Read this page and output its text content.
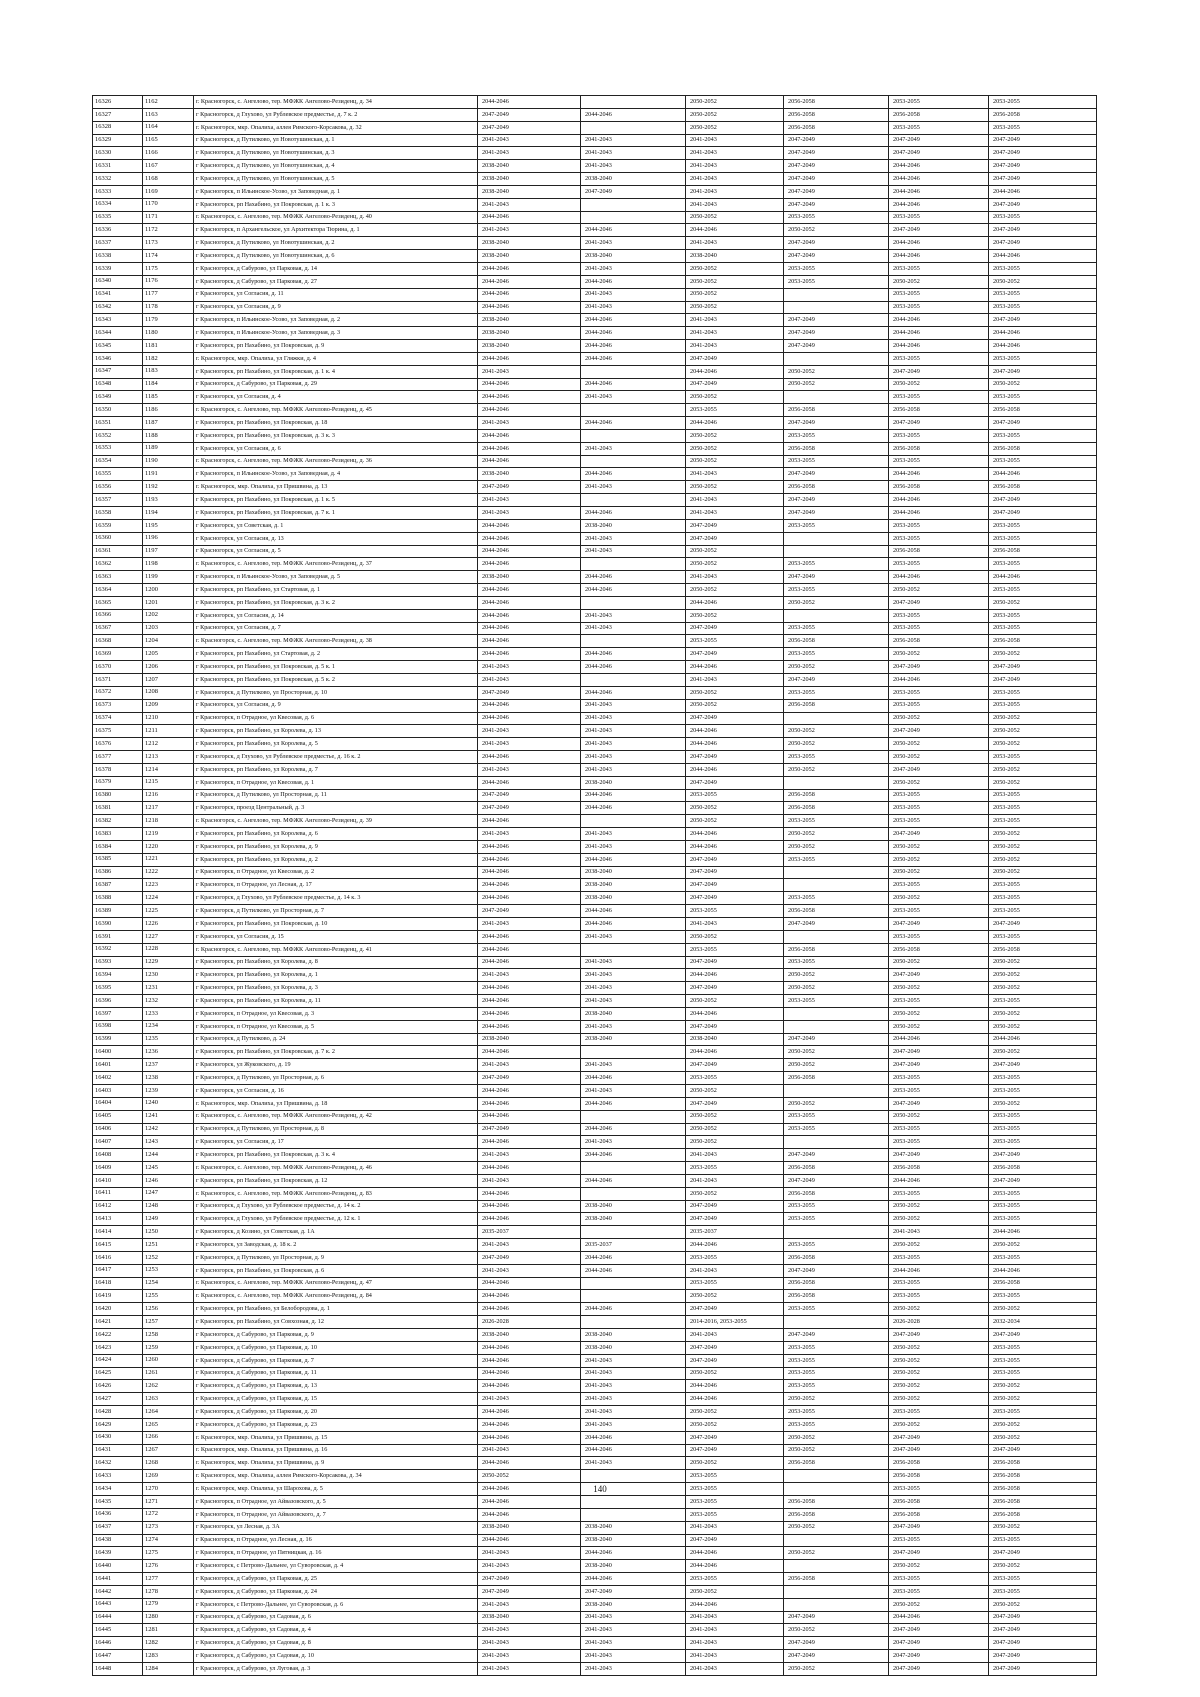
16326	1162	г. Красногорск, с. Ангелово, тер. МФЖК Ангелово-Резиденц, д. 34	2044-2046		2050-2052	2056-2058	2053-2055	2053-2055
16327	1163	г Красногорск, д Глухово, ул Рублевское предместье, д. 7 к. 2	2047-2049	2044-2046	2050-2052	2056-2058	2056-2058	2056-2058
16328	1164	г. Красногорск, мкр. Опалиха, аллея Римского-Корсакова, д. 32	2047-2049		2050-2052	2056-2058	2053-2055	2053-2055
16329	1165	г Красногорск, д Путилково, ул Новотушинская, д. 1	2041-2043	2041-2043	2041-2043	2047-2049	2047-2049	2047-2049
16330	1166	г Красногорск, д Путилково, ул Новотушинская, д. 3	2041-2043	2041-2043	2041-2043	2047-2049	2047-2049	2047-2049
16331	1167	г Красногорск, д Путилково, ул Новотушинская, д. 4	2038-2040	2041-2043	2041-2043	2047-2049	2044-2046	2047-2049
16332	1168	г Красногорск, д Путилково, ул Новотушинская, д. 5	2038-2040	2038-2040	2041-2043	2047-2049	2044-2046	2047-2049
16333	1169	г Красногорск, п Ильинское-Усово, ул Заповедная, д. 1	2038-2040	2047-2049	2041-2043	2047-2049	2044-2046	2044-2046
16334	1170	г Красногорск, рп Нахабино, ул Покровская, д. 1 к. 3	2041-2043		2041-2043	2047-2049	2044-2046	2047-2049
16335	1171	г. Красногорск, с. Ангелово, тер. МФЖК Ангелово-Резиденц, д. 40	2044-2046		2050-2052	2053-2055	2053-2055	2053-2055
16336	1172	г Красногорск, п Архангельское, ул Архитектора Тюрина, д. 1	2041-2043	2044-2046	2044-2046	2050-2052	2047-2049	2047-2049
16337	1173	г Красногорск, д Путилково, ул Новотушинская, д. 2	2038-2040	2041-2043	2041-2043	2047-2049	2044-2046	2047-2049
16338	1174	г Красногорск, д Путилково, ул Новотушинская, д. 6	2038-2040	2038-2040	2038-2040	2047-2049	2044-2046	2044-2046
16339	1175	г Красногорск, д Сабурово, ул Парковая, д. 14	2044-2046	2041-2043	2050-2052	2053-2055	2053-2055	2053-2055
16340	1176	г Красногорск, д Сабурово, ул Парковая, д. 27	2044-2046	2044-2046	2050-2052	2053-2055	2050-2052	2050-2052
16341	1177	г Красногорск, ул Согласия, д. 11	2044-2046	2041-2043	2050-2052		2053-2055	2053-2055
16342	1178	г Красногорск, ул Согласия, д. 9	2044-2046	2041-2043	2050-2052		2053-2055	2053-2055
16343	1179	г Красногорск, п Ильинское-Усово, ул Заповедная, д. 2	2038-2040	2044-2046	2041-2043	2047-2049	2044-2046	2047-2049
16344	1180	г Красногорск, п Ильинское-Усово, ул Заповедная, д. 3	2038-2040	2044-2046	2041-2043	2047-2049	2044-2046	2044-2046
16345	1181	г Красногорск, рп Нахабино, ул Покровская, д. 9	2038-2040	2044-2046	2041-2043	2047-2049	2044-2046	2044-2046
16346	1182	г. Красногорск, мкр. Опалиха, ул Гляжки, д. 4	2044-2046	2044-2046	2047-2049		2053-2055	2053-2055
16347	1183	г Красногорск, рп Нахабино, ул Покровская, д. 1 к. 4	2041-2043		2044-2046	2050-2052	2047-2049	2047-2049
16348	1184	г Красногорск, д Сабурово, ул Парковая, д. 29	2044-2046	2044-2046	2047-2049	2050-2052	2050-2052	2050-2052
16349	1185	г Красногорск, ул Согласия, д. 4	2044-2046	2041-2043	2050-2052		2053-2055	2053-2055
16350	1186	г. Красногорск, с. Ангелово, тер. МФЖК Ангелово-Резиденц, д. 45	2044-2046		2053-2055	2056-2058	2056-2058	2056-2058
16351	1187	г Красногорск, рп Нахабино, ул Покровская, д. 18	2041-2043	2044-2046	2044-2046	2047-2049	2047-2049	2047-2049
16352	1188	г Красногорск, рп Нахабино, ул Покровская, д. 3 к. 3	2044-2046		2050-2052	2053-2055	2053-2055	2053-2055
16353	1189	г Красногорск, ул Согласия, д. 6	2044-2046	2041-2043	2050-2052	2056-2058	2056-2058	2056-2058
16354	1190	г. Красногорск, с. Ангелово, тер. МФЖК Ангелово-Резиденц, д. 36	2044-2046		2050-2052	2053-2055	2053-2055	2053-2055
16355	1191	г Красногорск, п Ильинское-Усово, ул Заповедная, д. 4	2038-2040	2044-2046	2041-2043	2047-2049	2044-2046	2044-2046
16356	1192	г. Красногорск, мкр. Опалиха, ул Пришвина, д. 13	2047-2049	2041-2043	2050-2052	2056-2058	2056-2058	2056-2058
16357	1193	г Красногорск, рп Нахабино, ул Покровская, д. 1 к. 5	2041-2043		2041-2043	2047-2049	2044-2046	2047-2049
16358	1194	г Красногорск, рп Нахабино, ул Покровская, д. 7 к. 1	2041-2043	2044-2046	2041-2043	2047-2049	2044-2046	2047-2049
16359	1195	г Красногорск, ул Советская, д. 1	2044-2046	2038-2040	2047-2049	2053-2055	2053-2055	2053-2055
16360	1196	г Красногорск, ул Согласия, д. 13	2044-2046	2041-2043	2047-2049		2053-2055	2053-2055
16361	1197	г Красногорск, ул Согласия, д. 5	2044-2046	2041-2043	2050-2052		2056-2058	2056-2058
16362	1198	г. Красногорск, с. Ангелово, тер. МФЖК Ангелово-Резиденц, д. 37	2044-2046		2050-2052	2053-2055	2053-2055	2053-2055
16363	1199	г Красногорск, п Ильинское-Усово, ул Заповедная, д. 5	2038-2040	2044-2046	2041-2043	2047-2049	2044-2046	2044-2046
16364	1200	г Красногорск, рп Нахабино, ул Стартовая, д. 1	2044-2046	2044-2046	2050-2052	2053-2055	2050-2052	2053-2055
16365	1201	г Красногорск, рп Нахабино, ул Покровская, д. 3 к. 2	2044-2046		2044-2046	2050-2052	2047-2049	2050-2052
16366	1202	г Красногорск, ул Согласия, д. 14	2044-2046	2041-2043	2050-2052		2053-2055	2053-2055
16367	1203	г Красногорск, ул Согласия, д. 7	2044-2046	2041-2043	2047-2049	2053-2055	2053-2055	2053-2055
16368	1204	г. Красногорск, с. Ангелово, тер. МФЖК Ангелово-Резиденц, д. 38	2044-2046		2053-2055	2056-2058	2056-2058	2056-2058
16369	1205	г Красногорск, рп Нахабино, ул Стартовая, д. 2	2044-2046	2044-2046	2047-2049	2053-2055	2050-2052	2050-2052
16370	1206	г Красногорск, рп Нахабино, ул Покровская, д. 5 к. 1	2041-2043	2044-2046	2044-2046	2050-2052	2047-2049	2047-2049
16371	1207	г Красногорск, рп Нахабино, ул Покровская, д. 5 к. 2	2041-2043		2041-2043	2047-2049	2044-2046	2047-2049
16372	1208	г Красногорск, д Путилково, ул Просторная, д. 10	2047-2049	2044-2046	2050-2052	2053-2055	2053-2055	2053-2055
16373	1209	г Красногорск, ул Согласия, д. 9	2044-2046	2041-2043	2050-2052	2056-2058	2053-2055	2053-2055
16374	1210	г Красногорск, п Отрадное, ул Квесовая, д. 6	2044-2046	2041-2043	2047-2049		2050-2052	2050-2052
16375	1211	г Красногорск, рп Нахабино, ул Королева, д. 13	2041-2043	2041-2043	2044-2046	2050-2052	2047-2049	2050-2052
16376	1212	г Красногорск, рп Нахабино, ул Королева, д. 5	2041-2043	2041-2043	2044-2046	2050-2052	2050-2052	2050-2052
16377	1213	г Красногорск, д Глухово, ул Рублевское предместье, д. 16 к. 2	2044-2046	2041-2043	2047-2049	2053-2055	2050-2052	2053-2055
16378	1214	г Красногорск, рп Нахабино, ул Королева, д. 7	2041-2043	2041-2043	2044-2046	2050-2052	2047-2049	2050-2052
16379	1215	г Красногорск, п Отрадное, ул Квесовая, д. 1	2044-2046	2038-2040	2047-2049		2050-2052	2050-2052
16380	1216	г Красногорск, д Путилково, ул Просторная, д. 11	2047-2049	2044-2046	2053-2055	2056-2058	2053-2055	2053-2055
16381	1217	г Красногорск, проезд Центральный, д. 3	2047-2049	2044-2046	2050-2052	2056-2058	2053-2055	2053-2055
16382	1218	г. Красногорск, с. Ангелово, тер. МФЖК Ангелово-Резиденц, д. 39	2044-2046		2050-2052	2053-2055	2053-2055	2053-2055
16383	1219	г Красногорск, рп Нахабино, ул Королева, д. 6	2041-2043	2041-2043	2044-2046	2050-2052	2047-2049	2050-2052
16384	1220	г Красногорск, рп Нахабино, ул Королева, д. 9	2044-2046	2041-2043	2044-2046	2050-2052	2050-2052	2050-2052
16385	1221	г Красногорск, рп Нахабино, ул Королева, д. 2	2044-2046	2044-2046	2047-2049	2053-2055	2050-2052	2050-2052
16386	1222	г Красногорск, п Отрадное, ул Квесовая, д. 2	2044-2046	2038-2040	2047-2049		2050-2052	2050-2052
16387	1223	г Красногорск, п Отрадное, ул Лесная, д. 17	2044-2046	2038-2040	2047-2049		2053-2055	2053-2055
16388	1224	г Красногорск, д Глухово, ул Рублевское предместье, д. 14 к. 3	2044-2046	2038-2040	2047-2049	2053-2055	2050-2052	2053-2055
16389	1225	г Красногорск, д Путилково, ул Просторная, д. 7	2047-2049	2044-2046	2053-2055	2056-2058	2053-2055	2053-2055
16390	1226	г Красногорск, рп Нахабино, ул Покровская, д. 10	2041-2043	2044-2046	2041-2043	2047-2049	2047-2049	2047-2049
16391	1227	г Красногорск, ул Согласия, д. 15	2044-2046	2041-2043	2050-2052		2053-2055	2053-2055
16392	1228	г. Красногорск, с. Ангелово, тер. МФЖК Ангелово-Резиденц, д. 41	2044-2046		2053-2055	2056-2058	2056-2058	2056-2058
16393	1229	г Красногорск, рп Нахабино, ул Королева, д. 8	2044-2046	2041-2043	2047-2049	2053-2055	2050-2052	2050-2052
16394	1230	г Красногорск, рп Нахабино, ул Королева, д. 1	2041-2043	2041-2043	2044-2046	2050-2052	2047-2049	2050-2052
16395	1231	г Красногорск, рп Нахабино, ул Королева, д. 3	2044-2046	2041-2043	2047-2049	2050-2052	2050-2052	2050-2052
16396	1232	г Красногорск, рп Нахабино, ул Королева, д. 11	2044-2046	2041-2043	2050-2052	2053-2055	2053-2055	2053-2055
16397	1233	г Красногорск, п Отрадное, ул Квесовая, д. 3	2044-2046	2038-2040	2044-2046		2050-2052	2050-2052
16398	1234	г Красногорск, п Отрадное, ул Квесовая, д. 5	2044-2046	2041-2043	2047-2049		2050-2052	2050-2052
16399	1235	г Красногорск, д Путилково, д. 24	2038-2040	2038-2040	2038-2040	2047-2049	2044-2046	2044-2046
16400	1236	г Красногорск, рп Нахабино, ул Покровская, д. 7 к. 2	2044-2046		2044-2046	2050-2052	2047-2049	2050-2052
16401	1237	г Красногорск, ул Жуковского, д. 19	2041-2043	2041-2043	2047-2049	2050-2052	2047-2049	2047-2049
16402	1238	г Красногорск, д Путилково, ул Просторная, д. 6	2047-2049	2044-2046	2053-2055	2056-2058	2053-2055	2053-2055
16403	1239	г Красногорск, ул Согласия, д. 16	2044-2046	2041-2043	2050-2052		2053-2055	2053-2055
16404	1240	г. Красногорск, мкр. Опалиха, ул Пришвина, д. 18	2044-2046	2044-2046	2047-2049	2050-2052	2047-2049	2050-2052
16405	1241	г. Красногорск, с. Ангелово, тер. МФЖК Ангелово-Резиденц, д. 42	2044-2046		2050-2052	2053-2055	2050-2052	2053-2055
16406	1242	г Красногорск, д Путилково, ул Просторная, д. 8	2047-2049	2044-2046	2050-2052	2053-2055	2053-2055	2053-2055
16407	1243	г Красногорск, ул Согласия, д. 17	2044-2046	2041-2043	2050-2052		2053-2055	2053-2055
16408	1244	г Красногорск, рп Нахабино, ул Покровская, д. 3 к. 4	2041-2043	2044-2046	2041-2043	2047-2049	2047-2049	2047-2049
16409	1245	г. Красногорск, с. Ангелово, тер. МФЖК Ангелово-Резиденц, д. 46	2044-2046		2053-2055	2056-2058	2056-2058	2056-2058
16410	1246	г Красногорск, рп Нахабино, ул Покровская, д. 12	2041-2043	2044-2046	2041-2043	2047-2049	2044-2046	2047-2049
16411	1247	г. Красногорск, с. Ангелово, тер. МФЖК Ангелово-Резиденц, д. 83	2044-2046		2050-2052	2056-2058	2053-2055	2053-2055
16412	1248	г Красногорск, д Глухово, ул Рублевское предместье, д. 14 к. 2	2044-2046	2038-2040	2047-2049	2053-2055	2050-2052	2053-2055
16413	1249	г Красногорск, д Глухово, ул Рублевское предместье, д. 12 к. 1	2044-2046	2038-2040	2047-2049	2053-2055	2050-2052	2053-2055
16414	1250	г Красногорск, д Козино, ул Советская, д. 1А	2035-2037		2035-2037		2041-2043	2044-2046
16415	1251	г Красногорск, ул Заводская, д. 18 к. 2	2041-2043	2035-2037	2044-2046	2053-2055	2050-2052	2050-2052
16416	1252	г Красногорск, д Путилково, ул Просторная, д. 9	2047-2049	2044-2046	2053-2055	2056-2058	2053-2055	2053-2055
16417	1253	г Красногорск, рп Нахабино, ул Покровская, д. 6	2041-2043	2044-2046	2041-2043	2047-2049	2044-2046	2044-2046
16418	1254	г. Красногорск, с. Ангелово, тер. МФЖК Ангелово-Резиденц, д. 47	2044-2046		2053-2055	2056-2058	2053-2055	2056-2058
16419	1255	г. Красногорск, с. Ангелово, тер. МФЖК Ангелово-Резиденц, д. 84	2044-2046		2050-2052	2056-2058	2053-2055	2053-2055
16420	1256	г Красногорск, рп Нахабино, ул Белобородова, д. 1	2044-2046	2044-2046	2047-2049	2053-2055	2050-2052	2050-2052
16421	1257	г Красногорск, рп Нахабино, ул Совхозная, д. 12	2026-2028		2014-2016, 2053-2055		2026-2028	2032-2034
16422	1258	г Красногорск, д Сабурово, ул Парковая, д. 9	2038-2040	2038-2040	2041-2043	2047-2049	2047-2049	2047-2049
16423	1259	г Красногорск, д Сабурово, ул Парковая, д. 10	2044-2046	2038-2040	2047-2049	2053-2055	2050-2052	2053-2055
16424	1260	г Красногорск, д Сабурово, ул Парковая, д. 7	2044-2046	2041-2043	2047-2049	2053-2055	2050-2052	2053-2055
16425	1261	г Красногорск, д Сабурово, ул Парковая, д. 11	2044-2046	2041-2043	2050-2052	2053-2055	2050-2052	2053-2055
16426	1262	г Красногорск, д Сабурово, ул Парковая, д. 13	2044-2046	2041-2043	2044-2046	2053-2055	2050-2052	2050-2052
16427	1263	г Красногорск, д Сабурово, ул Парковая, д. 15	2041-2043	2041-2043	2044-2046	2050-2052	2050-2052	2050-2052
16428	1264	г Красногорск, д Сабурово, ул Парковая, д. 20	2044-2046	2041-2043	2050-2052	2053-2055	2053-2055	2053-2055
16429	1265	г Красногорск, д Сабурово, ул Парковая, д. 23	2044-2046	2041-2043	2050-2052	2053-2055	2050-2052	2050-2052
16430	1266	г. Красногорск, мкр. Опалиха, ул Пришвина, д. 15	2044-2046	2044-2046	2047-2049	2050-2052	2047-2049	2050-2052
16431	1267	г. Красногорск, мкр. Опалиха, ул Пришвина, д. 16	2041-2043	2044-2046	2047-2049	2050-2052	2047-2049	2047-2049
16432	1268	г. Красногорск, мкр. Опалиха, ул Пришвина, д. 9	2044-2046	2041-2043	2050-2052	2056-2058	2056-2058	2056-2058
16433	1269	г. Красногорск, мкр. Опалиха, аллея Римского-Корсакова, д. 34	2050-2052		2053-2055		2056-2058	2056-2058
16434	1270	г. Красногорск, мкр. Опалиха, ул Шарохова, д. 5	2044-2046		2053-2055		2053-2055	2056-2058
16435	1271	г Красногорск, п Отрадное, ул Айвазовского, д. 5	2044-2046		2053-2055	2056-2058	2056-2058	2056-2058
16436	1272	г Красногорск, п Отрадное, ул Айвазовского, д. 7	2044-2046		2053-2055	2056-2058	2056-2058	2056-2058
16437	1273	г Красногорск, ул Лесная, д. 3А	2038-2040	2038-2040	2041-2043	2050-2052	2047-2049	2050-2052
16438	1274	г Красногорск, п Отрадное, ул Лесная, д. 16	2044-2046	2038-2040	2047-2049		2053-2055	2053-2055
16439	1275	г Красногорск, п Отрадное, ул Пятницкая, д. 16	2041-2043	2044-2046	2044-2046	2050-2052	2047-2049	2047-2049
16440	1276	г Красногорск, с Петрово-Дальнее, ул Суворовская, д. 4	2041-2043	2038-2040	2044-2046		2050-2052	2050-2052
16441	1277	г Красногорск, д Сабурово, ул Парковая, д. 25	2047-2049	2044-2046	2053-2055	2056-2058	2053-2055	2053-2055
16442	1278	г Красногорск, д Сабурово, ул Парковая, д. 24	2047-2049	2047-2049	2050-2052		2053-2055	2053-2055
16443	1279	г Красногорск, с Петрово-Дальнее, ул Суворовская, д. 6	2041-2043	2038-2040	2044-2046		2050-2052	2050-2052
16444	1280	г Красногорск, д Сабурово, ул Садовая, д. 6	2038-2040	2041-2043	2041-2043	2047-2049	2044-2046	2047-2049
16445	1281	г Красногорск, д Сабурово, ул Садовая, д. 4	2041-2043	2041-2043	2041-2043	2050-2052	2047-2049	2047-2049
16446	1282	г Красногорск, д Сабурово, ул Садовая, д. 8	2041-2043	2041-2043	2041-2043	2047-2049	2047-2049	2047-2049
16447	1283	г Красногорск, д Сабурово, ул Садовая, д. 10	2041-2043	2041-2043	2041-2043	2047-2049	2047-2049	2047-2049
16448	1284	г Красногорск, д Сабурово, ул Луговая, д. 3	2041-2043	2041-2043	2041-2043	2050-2052	2047-2049	2047-2049
140
